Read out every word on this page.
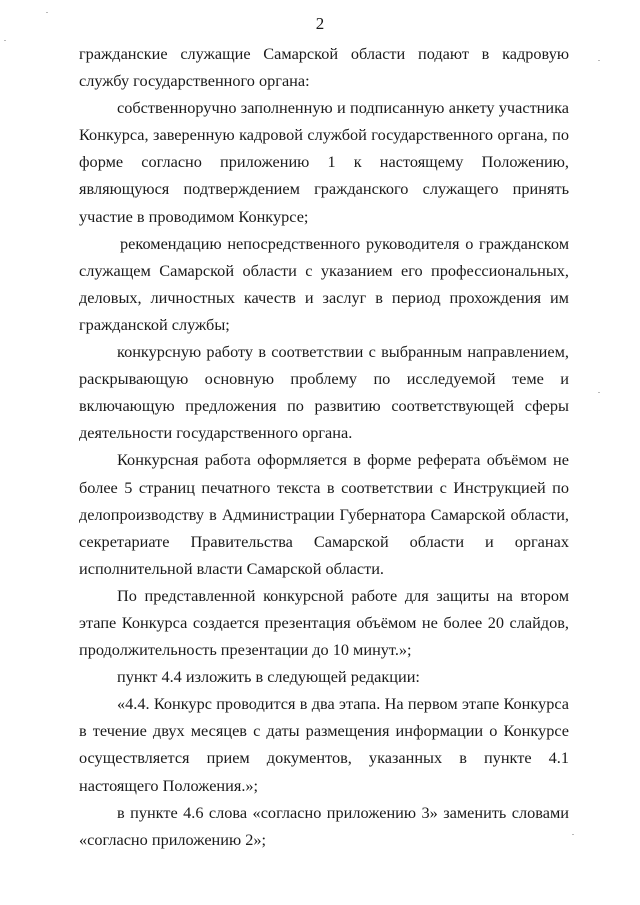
2

гражданские служащие Самарской области подают в кадровую службу государственного органа:

собственноручно заполненную и подписанную анкету участника Конкурса, заверенную кадровой службой государственного органа, по форме согласно приложению 1 к настоящему Положению, являющуюся подтверждением гражданского служащего принять участие в проводимом Конкурсе;

рекомендацию непосредственного руководителя о гражданском служащем Самарской области с указанием его профессиональных, деловых, личностных качеств и заслуг в период прохождения им гражданской службы;

конкурсную работу в соответствии с выбранным направлением, раскрывающую основную проблему по исследуемой теме и включающую предложения по развитию соответствующей сферы деятельности государственного органа.

Конкурсная работа оформляется в форме реферата объёмом не более 5 страниц печатного текста в соответствии с Инструкцией по делопроизводству в Администрации Губернатора Самарской области, секретариате Правительства Самарской области и органах исполнительной власти Самарской области.

По представленной конкурсной работе для защиты на втором этапе Конкурса создается презентация объёмом не более 20 слайдов, продолжительность презентации до 10 минут.»;

пункт 4.4 изложить в следующей редакции:

«4.4. Конкурс проводится в два этапа. На первом этапе Конкурса в течение двух месяцев с даты размещения информации о Конкурсе осуществляется прием документов, указанных в пункте 4.1 настоящего Положения.»;

в пункте 4.6 слова «согласно приложению 3» заменить словами «согласно приложению 2»;
